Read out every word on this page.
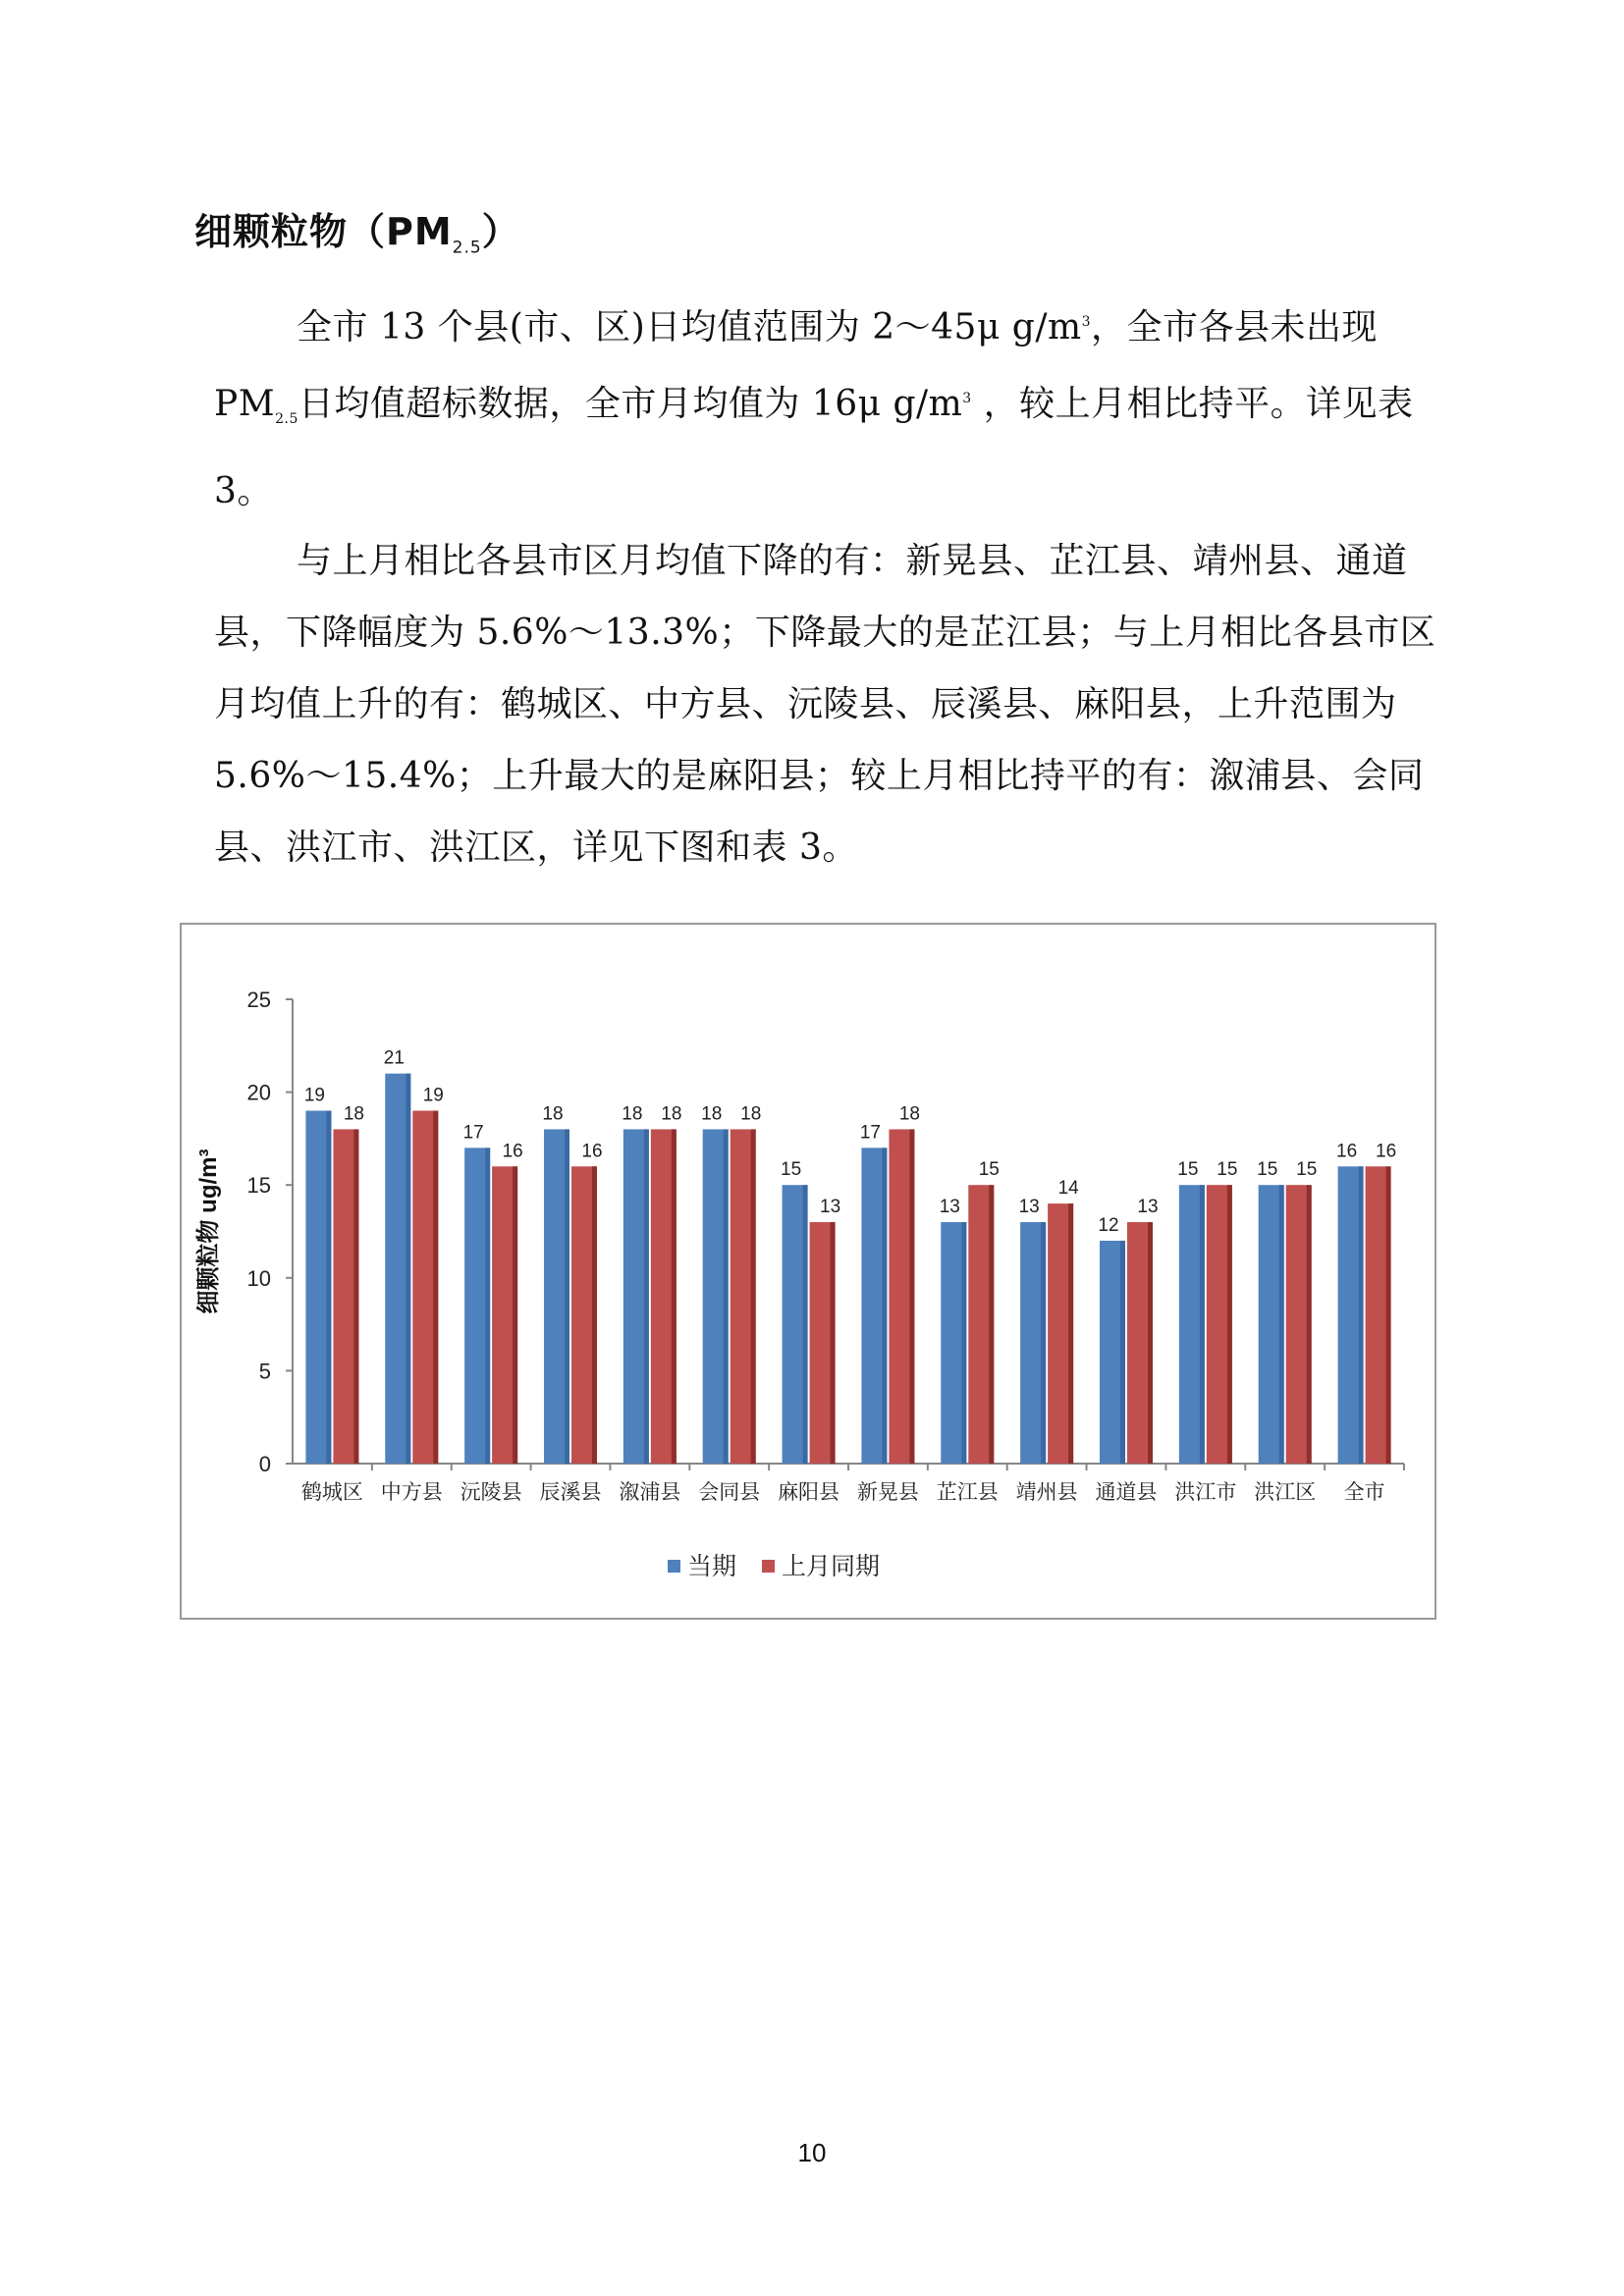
细颗粒物$(PM_{2.5})$

全市 13 个县(市、区)日均值范围为 2～45μ $g/m^3$，全市各县未出现 $PM_{2.5}$日均值超标数据，全市月均值为 16μ $g/m^3$ ，较上月相比持平。详见表 3。

与上月相比各县市区月均值下降的有：新晃县、芷江县、靖州县、通道县，下降幅度为 5.6%～13.3%；下降最大的是芷江县；与上月相比各县市区月均值上升的有：鹤城区、中方县、沅陵县、辰溪县、麻阳县，上升范围为 5.6%～15.4%；上升最大的是麻阳县；较上月相比持平的有：溆浦县、会同县、洪江市、洪江区，详见下图和表 3。

0
5
10
15
20
25
细颗粒物 ug/m³
鹤城区
19
18
中方县
21
19
沅陵县
17
16
辰溪县
18
16
溆浦县
18 18
会同县
18 18
麻阳县
15
13
新晃县
17
18
芷江县
13
15
靖州县
13
14
通道县
12
13
洪江市
15 15
洪江区
15 15
全市
16 16
当期 上月同期
10
